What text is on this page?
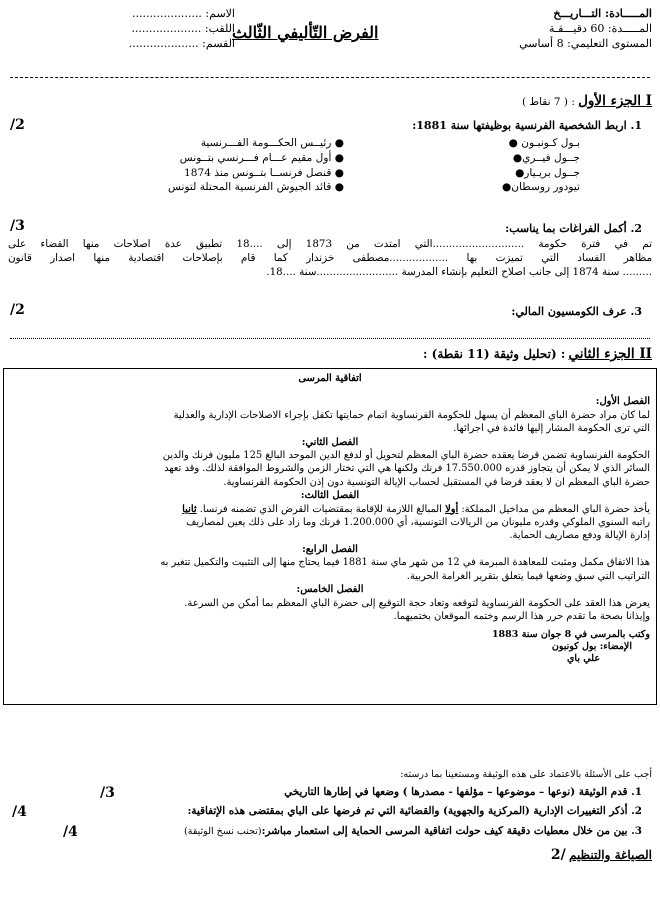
المـــــادة: التـــاريـــخ
المـــــدة: 60 دقيـــقـة
المستوى التعليمي: 8 أساسي
الفرض التّأليفي الثّالث
الاسم: ....................
اللقب: ....................
القسم: ....................
I الجزء الأول : ( 7 نقاط )
1. اربط الشخصية الفرنسية بوظيفتها سنة 1881:
/2
بـول كـونبـون ●
جــول فيــري●
جــول بريـيار●
تيودور روسطان●
● رئيــس الحكـــومة الفـــرنسية
● أول مقيم عـــام فـــرنسي بتــونس
● قنصل فرنســا بتــونس منذ 1874
● قائد الجيوش الفرنسية المحتلة لتونس
/3	2. أكمل الفراغات بما يناسب:
تم في فترة حكومة ............................التي امتدت من 1873 إلى ....18 تطبيق عدة اصلاحات منها القضاء على
مظاهر الفساد التي تميزت بها ..................مصطفى خزندار كما قام بإصلاحات اقتصادية منها اصدار قانون
......... سنة 1874 إلى جانب اصلاح التعليم بإنشاء المدرسة .........................سنة ....18.
3. عرف الكومسيون المالي:
/2
II الجزء الثاني : (تحليل وثيقة (11 نقطة) :
اتفاقية المرسى
الفصل الأول:
لما كان مراد حضرة الباي المعظم أن يسهل للحكومة الفرنساوية اتمام حمايتها تكفل بإجراء الاصلاحات الإدارية والعدلية
التي ترى الحكومة المشار إليها فائدة في اجرائها.
الفصل الثاني:
الحكومة الفرنساوية تضمن قرضا يعقده حضرة الباي المعظم لتحويل أو لدفع الدين الموحد البالغ 125 مليون فرنك والدين
السائر الذي لا يمكن أن يتجاوز قدره 17.550.000 فرنك ولكنها هي التي تختار الزمن والشروط الموافقة لذلك. وقد تعهد
حضرة الباي المعظم ان لا يعقد قرضا في المستقبل لحساب الإيالة التونسية دون إذن الحكومة الفرنساوية.
الفصل الثالث:
يأخذ حضرة الباي المعظم من مداخيل المملكة: أولا المبالغ اللازمة للإقامة بمقتضيات القرض الذي تضمنه فرنسا. ثانيا
راتبه السنوي الملوكي وقدره مليونان من الريالات التونسية، أي 1.200.000 فرنك وما زاد على ذلك يعين لمصاريف
إدارة الإيالة ودفع مصاريف الحماية.
الفصل الرابع:
هذا الاتفاق مكمل ومثبت للمعاهدة المبرمة في 12 من شهر ماي سنة 1881 فيما يحتاج منها إلى التثبيت والتكميل تتغير به
التراتيب التي سبق وضعها فيما يتعلق بتقرير الغرامة الحربية.
الفصل الخامس:
يعرض هذا العقد على الحكومة الفرنساوية لتوقعه وتعاد حجة التوقيع إلى حضرة الباي المعظم بما أمكن من السرعة.
وإيذانا بصحة ما تقدم حرر هذا الرسم وختمه الموقعان بختميهما.
وكتب بالمرسى في 8 جوان سنة 1883
الإمضاء: بول كونبون
علي باي
أجب على الأسئلة بالاعتماد على هذه الوثيقة ومستعينا بما درسته:
1. قدم الوثيقة (نوعها – موضوعها – مؤلفها - مصدرها ) وضعها في إطارها التاريخي
/3
2. أذكر التغييرات الإدارية (المركزية والجهوية) والقضائية التي تم فرضها على الباي بمقتضى هذه الإتفاقية:
/4
3. بين من خلال معطيات دقيقة كيف حولت اتفاقية المرسى الحماية إلى استعمار مباشر:(تجنب نسخ الوثيقة)
/4
الصياغة والتنظيم /2
